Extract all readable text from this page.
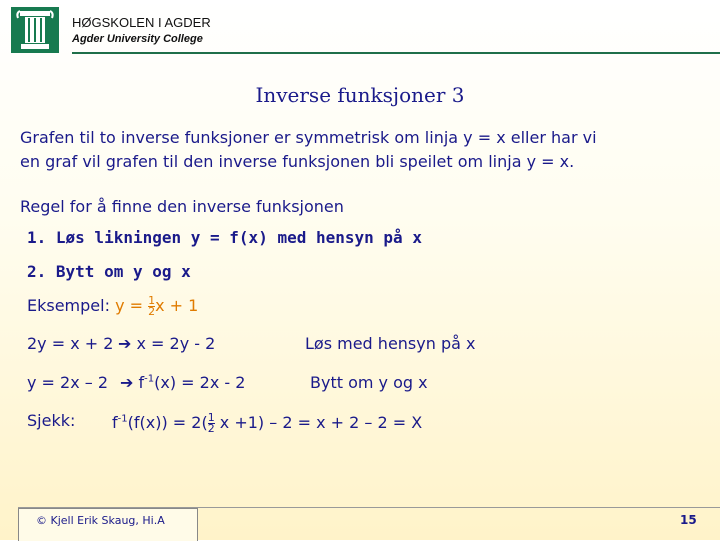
HØGSKOLEN I AGDER
Agder University College
Inverse funksjoner 3
Grafen til to inverse funksjoner er symmetrisk om linja y = x eller har vi
en graf vil grafen til den inverse funksjonen bli speilet om linja y = x.
Regel for å finne den inverse funksjonen
1. Løs likningen y = f(x) med hensyn på x
2. Bytt om y og x
Eksempel: $y = \frac{1}{2}$ x + 1
2y = x + 2 ➔ x = 2y - 2	Løs med hensyn på x
y = 2x – 2 ➔ $f^{-1}(x) = 2x - 2$	Bytt om y og x
Sjekk: $f^{-1}(f(x)) = 2( \frac{1}{2}$ x +1) – 2 = x + 2 – 2 = X
© Kjell Erik Skaug, Hi.A	15
